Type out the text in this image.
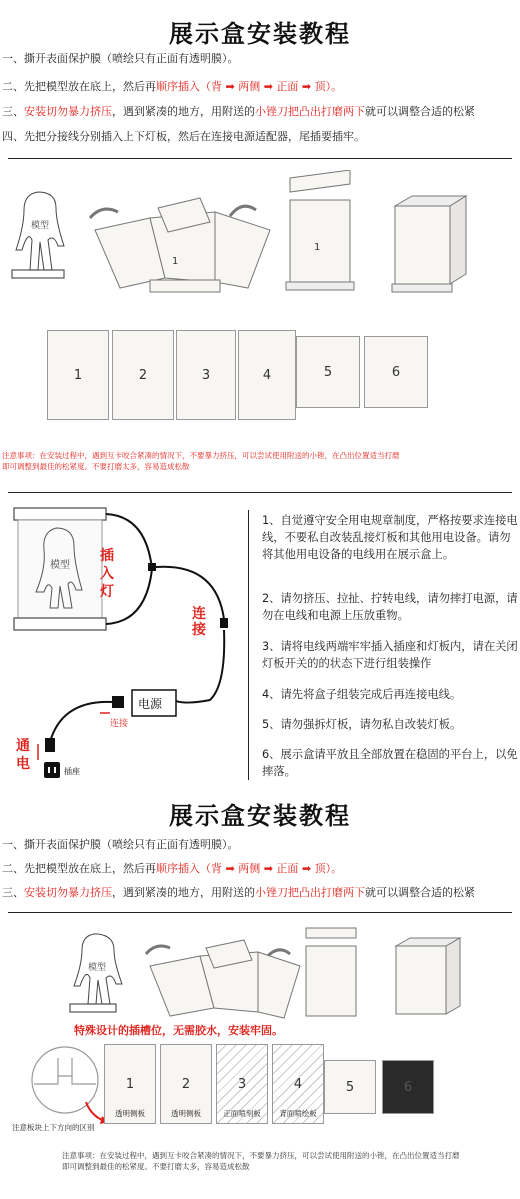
展示盒安装教程
一、撕开表面保护膜（喷绘只有正面有透明膜）。
二、先把模型放在底上，然后再顺序插入（背 ➡ 两侧 ➡ 正面 ➡ 顶）。
三、安装切勿暴力挤压，遇到紧凑的地方，用附送的小锉刀把凸出打磨两下就可以调整合适的松紧
四、先把分接线分别插入上下灯板，然后在连接电源适配器，尾插要插牢。
模型
1
1
1	2	3	4	5	6
注意事项：在安装过程中，遇到互卡咬合紧凑的情况下，不要暴力挤压，可以尝试使用附送的小锉，在凸出位置适当打磨
即可调整到最佳的松紧度。不要打磨太多，容易造成松散
模型
电源
插座
插
入
灯
连
接
连接
通
电
1、自觉遵守安全用电规章制度，严格按要求连接电线，不要私自改装乱接灯板和其他用电设备。请勿将其他用电设备的电线用在展示盒上。
2、请勿挤压、拉扯、拧转电线，请勿摔打电源，请勿在电线和电源上压放重物。
3、请将电线两端牢牢插入插座和灯板内，请在关闭灯板开关的的状态下进行组装操作
4、请先将盒子组装完成后再连接电线。
5、请勿强拆灯板，请勿私自改装灯板。
6、展示盒请平放且全部放置在稳固的平台上，以免摔落。
展示盒安装教程
一、撕开表面保护膜（喷绘只有正面有透明膜）。
二、先把模型放在底上，然后再顺序插入（背 ➡ 两侧 ➡ 正面 ➡ 顶）。
三、安装切勿暴力挤压，遇到紧凑的地方，用附送的小锉刀把凸出打磨两下就可以调整合适的松紧
模型
特殊设计的插槽位，无需胶水，安装牢固。
注意板块上下方向的区别
1	2	3	4	5	6
透明侧板	透明侧板	正面喷刻板	背面喷绘板
注意事项：在安装过程中，遇到互卡咬合紧凑的情况下，不要暴力挤压，可以尝试使用附送的小锉，在凸出位置适当打磨
即可调整到最佳的松紧度。不要打磨太多，容易造成松散
